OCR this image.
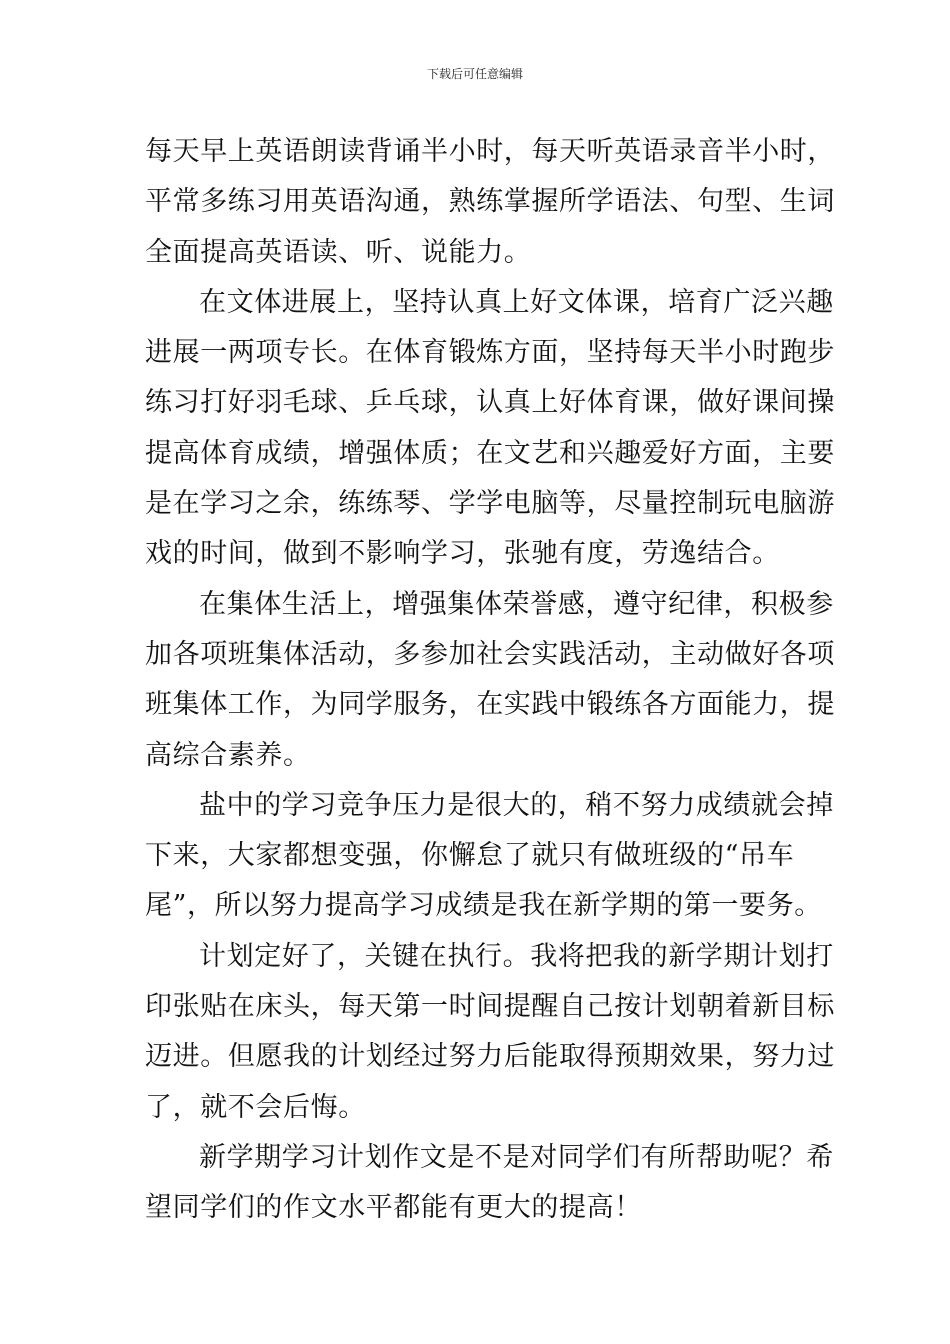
下载后可任意编辑
每天早上英语朗读背诵半小时，每天听英语录音半小时，
平常多练习用英语沟通，熟练掌握所学语法、句型、生词
全面提高英语读、听、说能力。
在文体进展上，坚持认真上好文体课，培育广泛兴趣
进展一两项专长。在体育锻炼方面，坚持每天半小时跑步
练习打好羽毛球、乒乓球，认真上好体育课，做好课间操
提高体育成绩，增强体质；在文艺和兴趣爱好方面，主要
是在学习之余，练练琴、学学电脑等，尽量控制玩电脑游
戏的时间，做到不影响学习，张驰有度，劳逸结合。
在集体生活上，增强集体荣誉感，遵守纪律，积极参
加各项班集体活动，多参加社会实践活动，主动做好各项
班集体工作，为同学服务，在实践中锻练各方面能力，提
高综合素养。
盐中的学习竞争压力是很大的，稍不努力成绩就会掉
下来，大家都想变强，你懈怠了就只有做班级的“吊车
尾”，所以努力提高学习成绩是我在新学期的第一要务。
计划定好了，关键在执行。我将把我的新学期计划打
印张贴在床头，每天第一时间提醒自己按计划朝着新目标
迈进。但愿我的计划经过努力后能取得预期效果，努力过
了，就不会后悔。
新学期学习计划作文是不是对同学们有所帮助呢？希
望同学们的作文水平都能有更大的提高！
